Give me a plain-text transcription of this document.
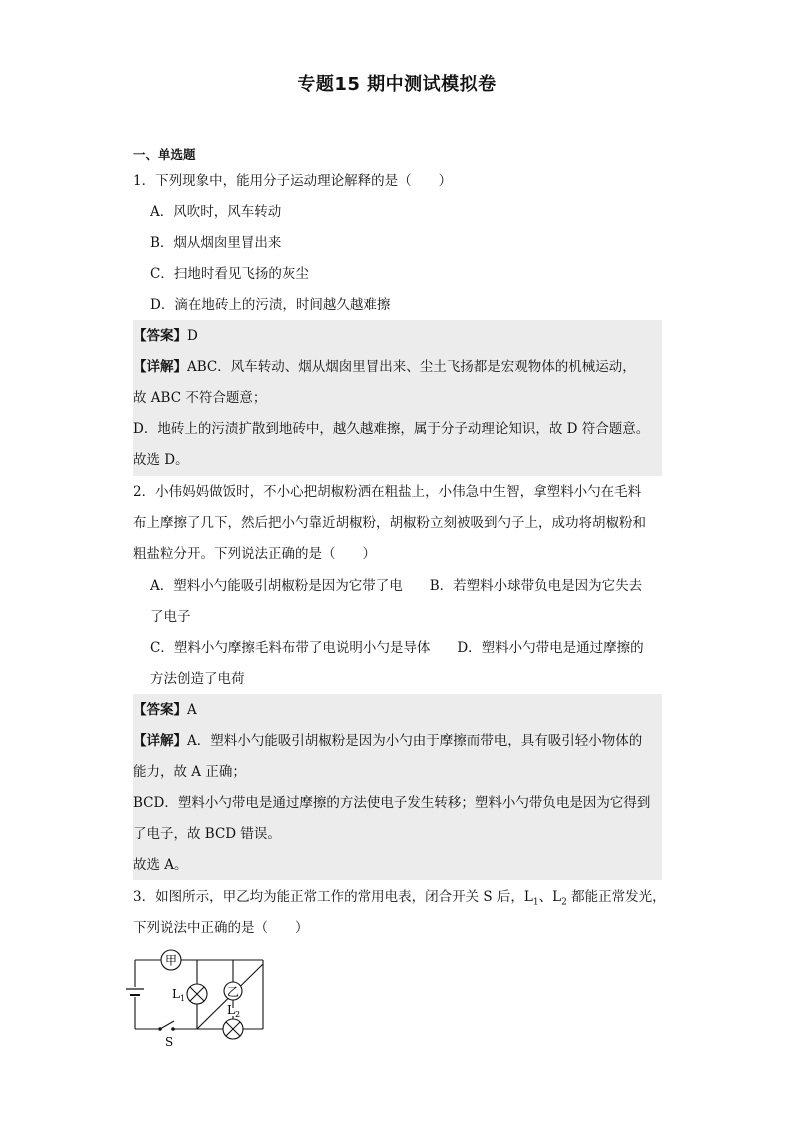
专题15 期中测试模拟卷
一、单选题
1．下列现象中，能用分子运动理论解释的是（　　）
A．风吹时，风车转动
B．烟从烟囱里冒出来
C．扫地时看见飞扬的灰尘
D．滴在地砖上的污渍，时间越久越难擦
【答案】D
【详解】ABC．风车转动、烟从烟囱里冒出来、尘土飞扬都是宏观物体的机械运动，
故 ABC 不符合题意；
D．地砖上的污渍扩散到地砖中，越久越难擦，属于分子动理论知识，故 D 符合题意。
故选 D。
2．小伟妈妈做饭时，不小心把胡椒粉洒在粗盐上，小伟急中生智，拿塑料小勺在毛料
布上摩擦了几下，然后把小勺靠近胡椒粉，胡椒粉立刻被吸到勺子上，成功将胡椒粉和
粗盐粒分开。下列说法正确的是（　　）
A．塑料小勺能吸引胡椒粉是因为它带了电　　B．若塑料小球带负电是因为它失去
了电子
C．塑料小勺摩擦毛料布带了电说明小勺是导体　　D．塑料小勺带电是通过摩擦的
方法创造了电荷
【答案】A
【详解】A．塑料小勺能吸引胡椒粉是因为小勺由于摩擦而带电，具有吸引轻小物体的
能力，故 A 正确；
BCD．塑料小勺带电是通过摩擦的方法使电子发生转移；塑料小勺带负电是因为它得到
了电子，故 BCD 错误。
故选 A。
3．如图所示，甲乙均为能正常工作的常用电表，闭合开关 S 后，$L_1$、$L_2$ 都能正常发光，
下列说法中正确的是（　　）
甲
乙
$L_1$
$L_2$
S
